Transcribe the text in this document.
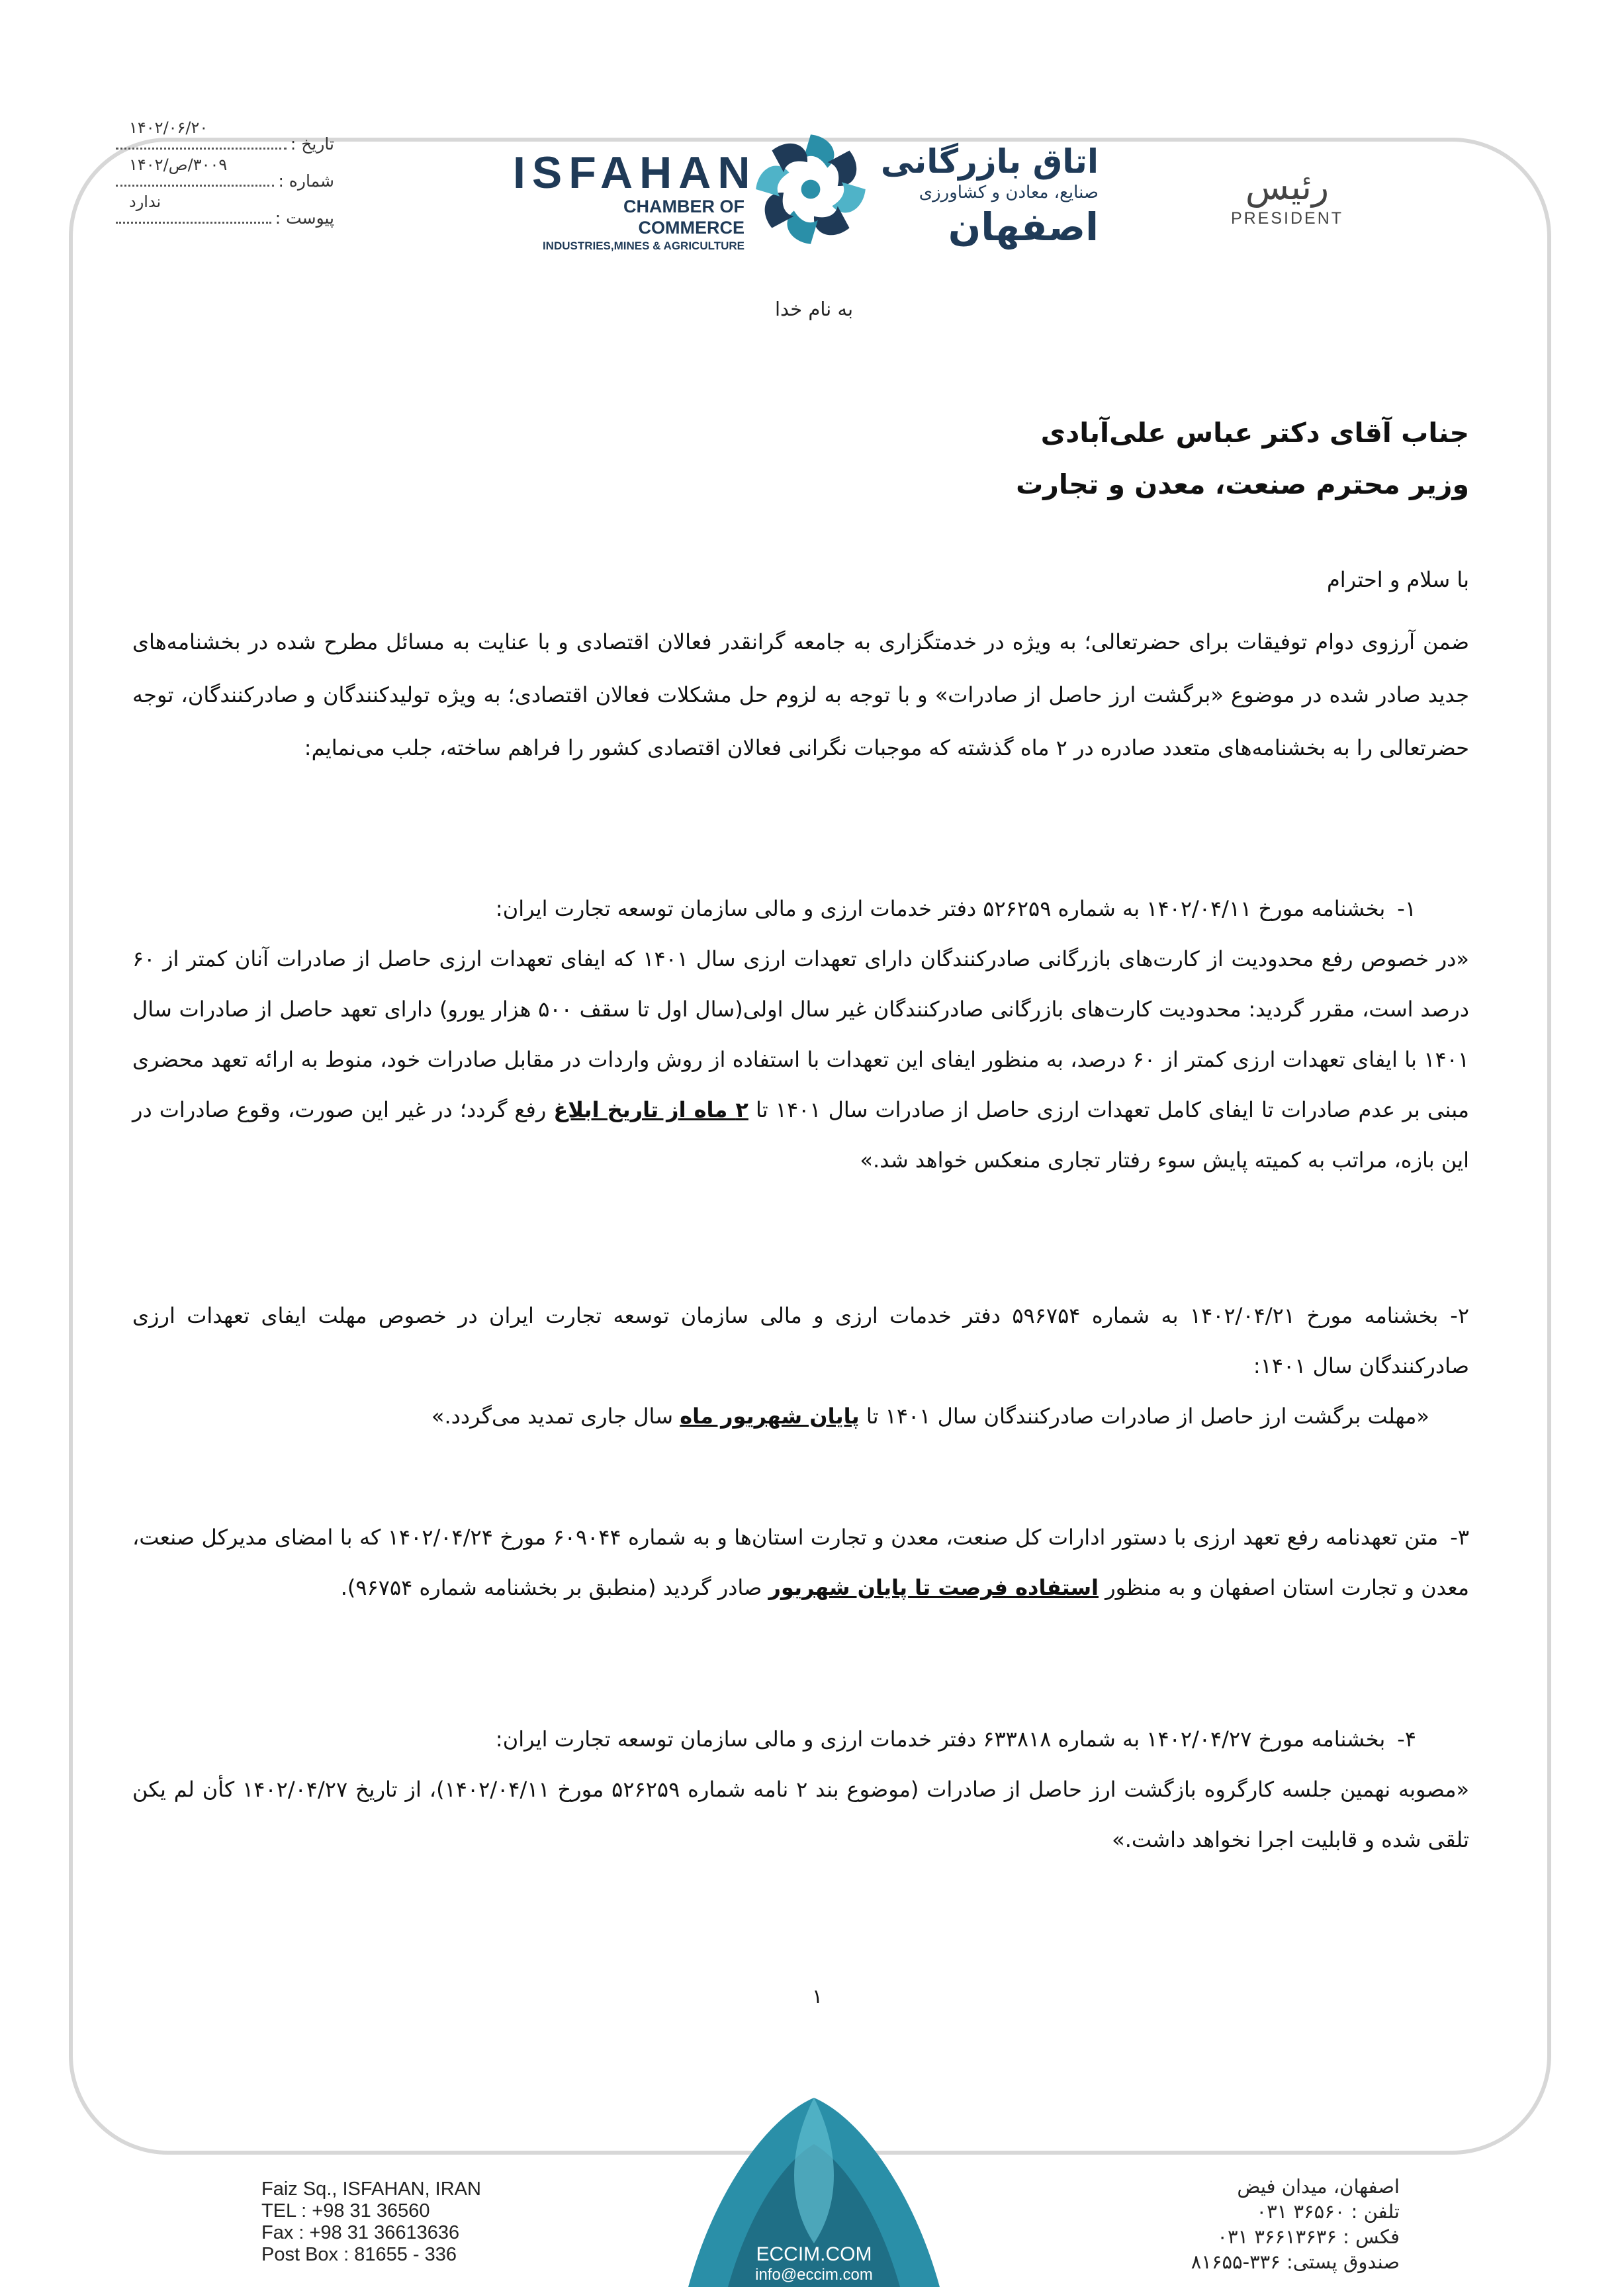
تاریخ :
۱۴۰۲/۰۶/۲۰
شماره :
۳۰۰۹/ص/۱۴۰۲
پیوست :
ندارد
ISFAHAN
CHAMBER OF COMMERCE
INDUSTRIES,MINES & AGRICULTURE
اتاق بازرگانی
صنایع، معادن و کشاورزی
اصفهان
رئیس
PRESIDENT
به نام خدا
جناب آقای دکتر عباس علی‌آبادی
وزیر محترم صنعت، معدن و تجارت
با سلام و احترام
ضمن آرزوی دوام توفیقات برای حضرتعالی؛ به ویژه در خدمتگزاری به جامعه گرانقدر فعالان اقتصادی و با عنایت به مسائل مطرح شده در بخشنامه‌های جدید صادر شده در موضوع «برگشت ارز حاصل از صادرات» و با توجه به لزوم حل مشکلات فعالان اقتصادی؛ به ویژه تولیدکنندگان و صادرکنندگان، توجه حضرتعالی را به بخشنامه‌های متعدد صادره در ۲ ماه گذشته که موجبات نگرانی فعالان اقتصادی کشور را فراهم ساخته، جلب می‌نمایم:
۱-بخشنامه مورخ ۱۴۰۲/۰۴/۱۱ به شماره ۵۲۶۲۵۹ دفتر خدمات ارزی و مالی سازمان توسعه تجارت ایران:
«در خصوص رفع محدودیت از کارت‌های بازرگانی صادرکنندگان دارای تعهدات ارزی سال ۱۴۰۱ که ایفای تعهدات ارزی حاصل از صادرات آنان کمتر از ۶۰ درصد است، مقرر گردید: محدودیت کارت‌های بازرگانی صادرکنندگان غیر سال اولی(سال اول تا سقف ۵۰۰ هزار یورو) دارای تعهد حاصل از صادرات سال ۱۴۰۱ با ایفای تعهدات ارزی کمتر از ۶۰ درصد، به منظور ایفای این تعهدات با استفاده از روش واردات در مقابل صادرات خود، منوط به ارائه تعهد محضری مبنی بر عدم صادرات تا ایفای کامل تعهدات ارزی حاصل از صادرات سال ۱۴۰۱ تا ۲ ماه از تاریخ ابلاغ رفع گردد؛ در غیر این صورت، وقوع صادرات در این بازه، مراتب به کمیته پایش سوء رفتار تجاری منعکس خواهد شد.»
۲-بخشنامه مورخ ۱۴۰۲/۰۴/۲۱ به شماره ۵۹۶۷۵۴ دفتر خدمات ارزی و مالی سازمان توسعه تجارت ایران در خصوص مهلت ایفای تعهدات ارزی صادرکنندگان سال ۱۴۰۱:
«مهلت برگشت ارز حاصل از صادرات صادرکنندگان سال ۱۴۰۱ تا پایان شهریور ماه سال جاری تمدید می‌گردد.»
۳-متن تعهدنامه رفع تعهد ارزی با دستور ادارات کل صنعت، معدن و تجارت استان‌ها و به شماره ۶۰۹۰۴۴ مورخ ۱۴۰۲/۰۴/۲۴ که با امضای مدیرکل صنعت، معدن و تجارت استان اصفهان و به منظور استفاده فرصت تا پایان شهریور صادر گردید (منطبق بر بخشنامه شماره ۹۶۷۵۴).
۴-بخشنامه مورخ ۱۴۰۲/۰۴/۲۷ به شماره ۶۳۳۸۱۸ دفتر خدمات ارزی و مالی سازمان توسعه تجارت ایران:
«مصوبه نهمین جلسه کارگروه بازگشت ارز حاصل از صادرات (موضوع بند ۲ نامه شماره ۵۲۶۲۵۹ مورخ ۱۴۰۲/۰۴/۱۱)، از تاریخ ۱۴۰۲/۰۴/۲۷ کأن لم یکن تلقی شده و قابلیت اجرا نخواهد داشت.»
۱
ECCIM.COM
info@eccim.com
Faiz Sq., ISFAHAN, IRAN
TEL : +98 31 36560
Fax : +98 31 36613636
Post Box : 81655 - 336
اصفهان، میدان فیض
تلفن : ۳۶۵۶۰ ۰۳۱
فکس : ۳۶۶۱۳۶۳۶ ۰۳۱
صندوق پستی: ۳۳۶-۸۱۶۵۵
